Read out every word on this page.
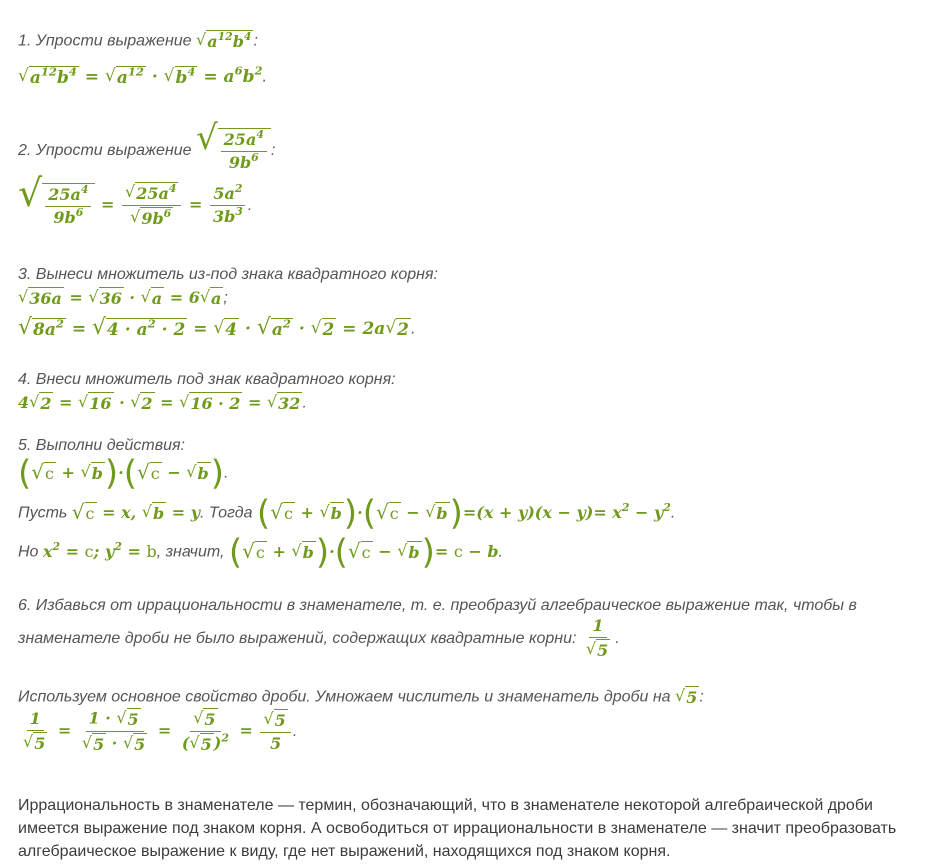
1. Упрости выражение √ $a^{12}b^4$ :
√ $a^{12}b^4$ = √ $a^{12}$ · √ $b^4 = a^6b^2$.
2. Упрости выражение √ $\frac{25a^4}{9b^6}$ :
√ $\frac{25a^4}{9b^6} = \frac{√ 25a^4}{√ 9b^6} = \frac{5a^2}{3b^3}$ .
3. Вынеси множитель из-под знака квадратного корня:
√ 36a = √ 36 · √ a = 6 √ a ;
√ $8a^2$ = √ $4 \cdot a^2 \cdot 2$ = √ 4 · √ $a^2$ · √ 2 = 2a √ 2 .
4. Внеси множитель под знак квадратного корня:
4 √ 2 = √ 16 · √ 2 = √ 16 · 2 = √ 32 .
5. Выполни действия:
( √ c + √ b )·( √ c − √ b ).
Пусть √ c = x, √ b = y. Тогда ( √ c + √ b )·( √ c − √ b )$=(x + y)(x - y)= x^2 - y^2$.
Но $x^2 = c$; $y^2 = b$, значит, ( √ c + √ b )·( √ c − √ b )= c − b.
6. Избавься от иррациональности в знаменателе, т. е. преобразуй алгебраическое выражение так, чтобы в
знаменателе дроби не было выражений, содержащих квадратные корни: $\frac{1}{√ 5}$ .
Используем основное свойство дроби. Умножаем числитель и знаменатель дроби на √ 5 :
$\frac{1}{√ 5} = \frac{1 \cdot √ 5}{√ 5 \cdot √ 5} = \frac{√ 5}{( √ 5 )^2} = \frac{√ 5}{5}$ .
Иррациональность в знаменателе — термин, обозначающий, что в знаменателе некоторой алгебраической дроби имеется выражение под знаком корня. А освободиться от иррациональности в знаменателе — значит преобразовать алгебраическое выражение к виду, где нет выражений, находящихся под знаком корня.
